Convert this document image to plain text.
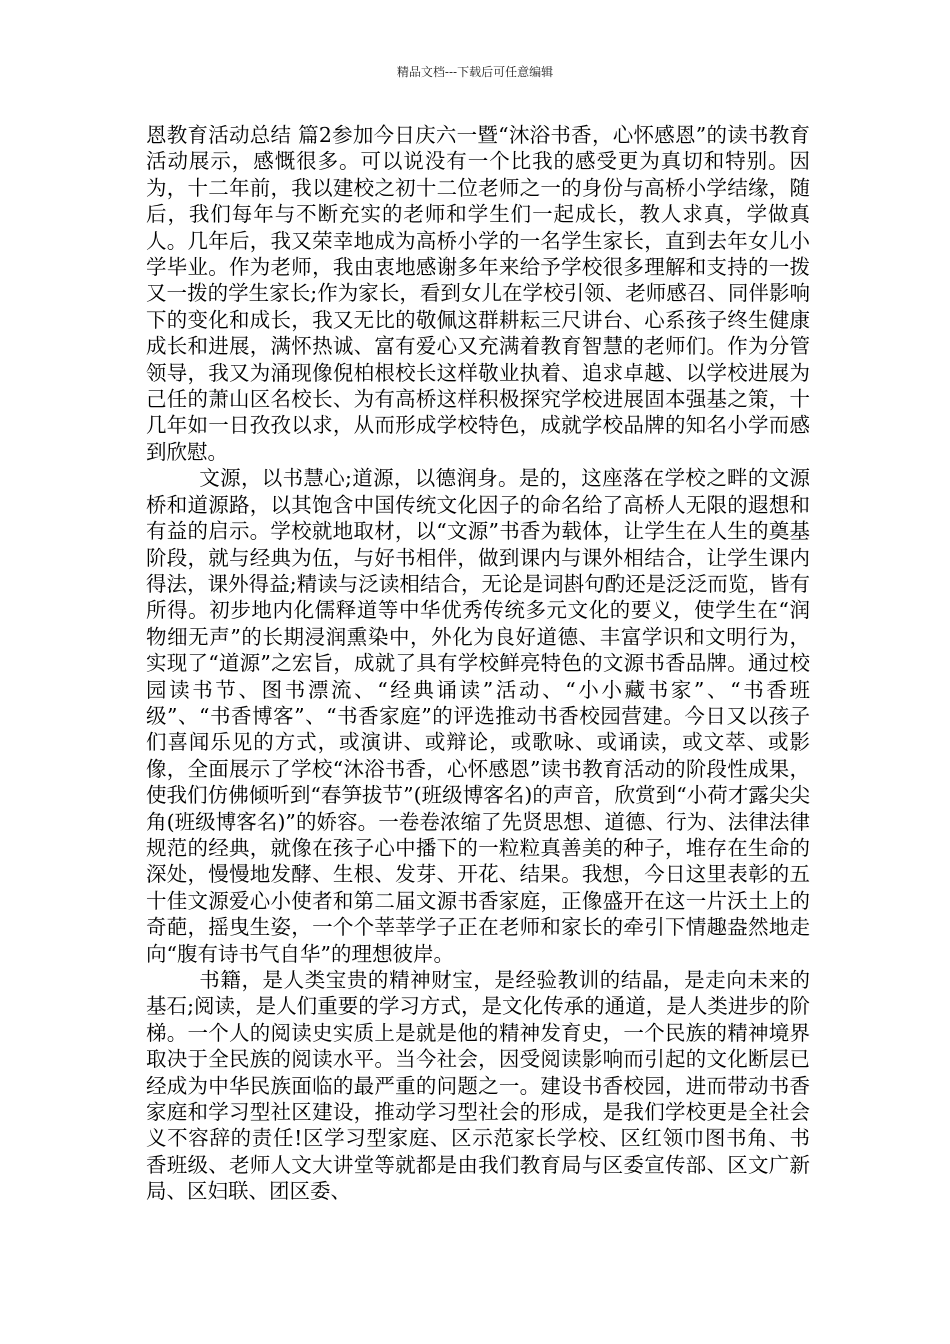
精品文档---下载后可任意编辑

恩教育活动总结 篇2参加今日庆六一暨“沐浴书香，心怀感恩”的读书教育活动展示，感慨很多。可以说没有一个比我的感受更为真切和特别。因为，十二年前，我以建校之初十二位老师之一的身份与高桥小学结缘，随后，我们每年与不断充实的老师和学生们一起成长，教人求真，学做真人。几年后，我又荣幸地成为高桥小学的一名学生家长，直到去年女儿小学毕业。作为老师，我由衷地感谢多年来给予学校很多理解和支持的一拨又一拨的学生家长;作为家长，看到女儿在学校引领、老师感召、同伴影响下的变化和成长，我又无比的敬佩这群耕耘三尺讲台、心系孩子终生健康成长和进展，满怀热诚、富有爱心又充满着教育智慧的老师们。作为分管领导，我又为涌现像倪柏根校长这样敬业执着、追求卓越、以学校进展为己任的萧山区名校长、为有高桥这样积极探究学校进展固本强基之策，十几年如一日孜孜以求，从而形成学校特色，成就学校品牌的知名小学而感到欣慰。

文源，以书慧心;道源，以德润身。是的，这座落在学校之畔的文源桥和道源路，以其饱含中国传统文化因子的命名给了高桥人无限的遐想和有益的启示。学校就地取材，以“文源”书香为载体，让学生在人生的奠基阶段，就与经典为伍，与好书相伴，做到课内与课外相结合，让学生课内得法，课外得益;精读与泛读相结合，无论是词斟句酌还是泛泛而览，皆有所得。初步地内化儒释道等中华优秀传统多元文化的要义，使学生在“润物细无声”的长期浸润熏染中，外化为良好道德、丰富学识和文明行为，实现了“道源”之宏旨，成就了具有学校鲜亮特色的文源书香品牌。通过校园读书节、图书漂流、“经典诵读”活动、“小小藏书家”、“书香班级”、“书香博客”、“书香家庭”的评选推动书香校园营建。今日又以孩子们喜闻乐见的方式，或演讲、或辩论，或歌咏、或诵读，或文萃、或影像，全面展示了学校“沐浴书香，心怀感恩”读书教育活动的阶段性成果，使我们仿佛倾听到“春笋拔节”(班级博客名)的声音，欣赏到“小荷才露尖尖角(班级博客名)”的娇容。一卷卷浓缩了先贤思想、道德、行为、法律法律规范的经典，就像在孩子心中播下的一粒粒真善美的种子，堆存在生命的深处，慢慢地发酵、生根、发芽、开花、结果。我想，今日这里表彰的五十佳文源爱心小使者和第二届文源书香家庭，正像盛开在这一片沃土上的奇葩，摇曳生姿，一个个莘莘学子正在老师和家长的牵引下情趣盎然地走向“腹有诗书气自华”的理想彼岸。

书籍，是人类宝贵的精神财宝，是经验教训的结晶，是走向未来的基石;阅读，是人们重要的学习方式，是文化传承的通道，是人类进步的阶梯。一个人的阅读史实质上是就是他的精神发育史，一个民族的精神境界取决于全民族的阅读水平。当今社会，因受阅读影响而引起的文化断层已经成为中华民族面临的最严重的问题之一。建设书香校园，进而带动书香家庭和学习型社区建设，推动学习型社会的形成，是我们学校更是全社会义不容辞的责任!区学习型家庭、区示范家长学校、区红领巾图书角、书香班级、老师人文大讲堂等就都是由我们教育局与区委宣传部、区文广新局、区妇联、团区委、
